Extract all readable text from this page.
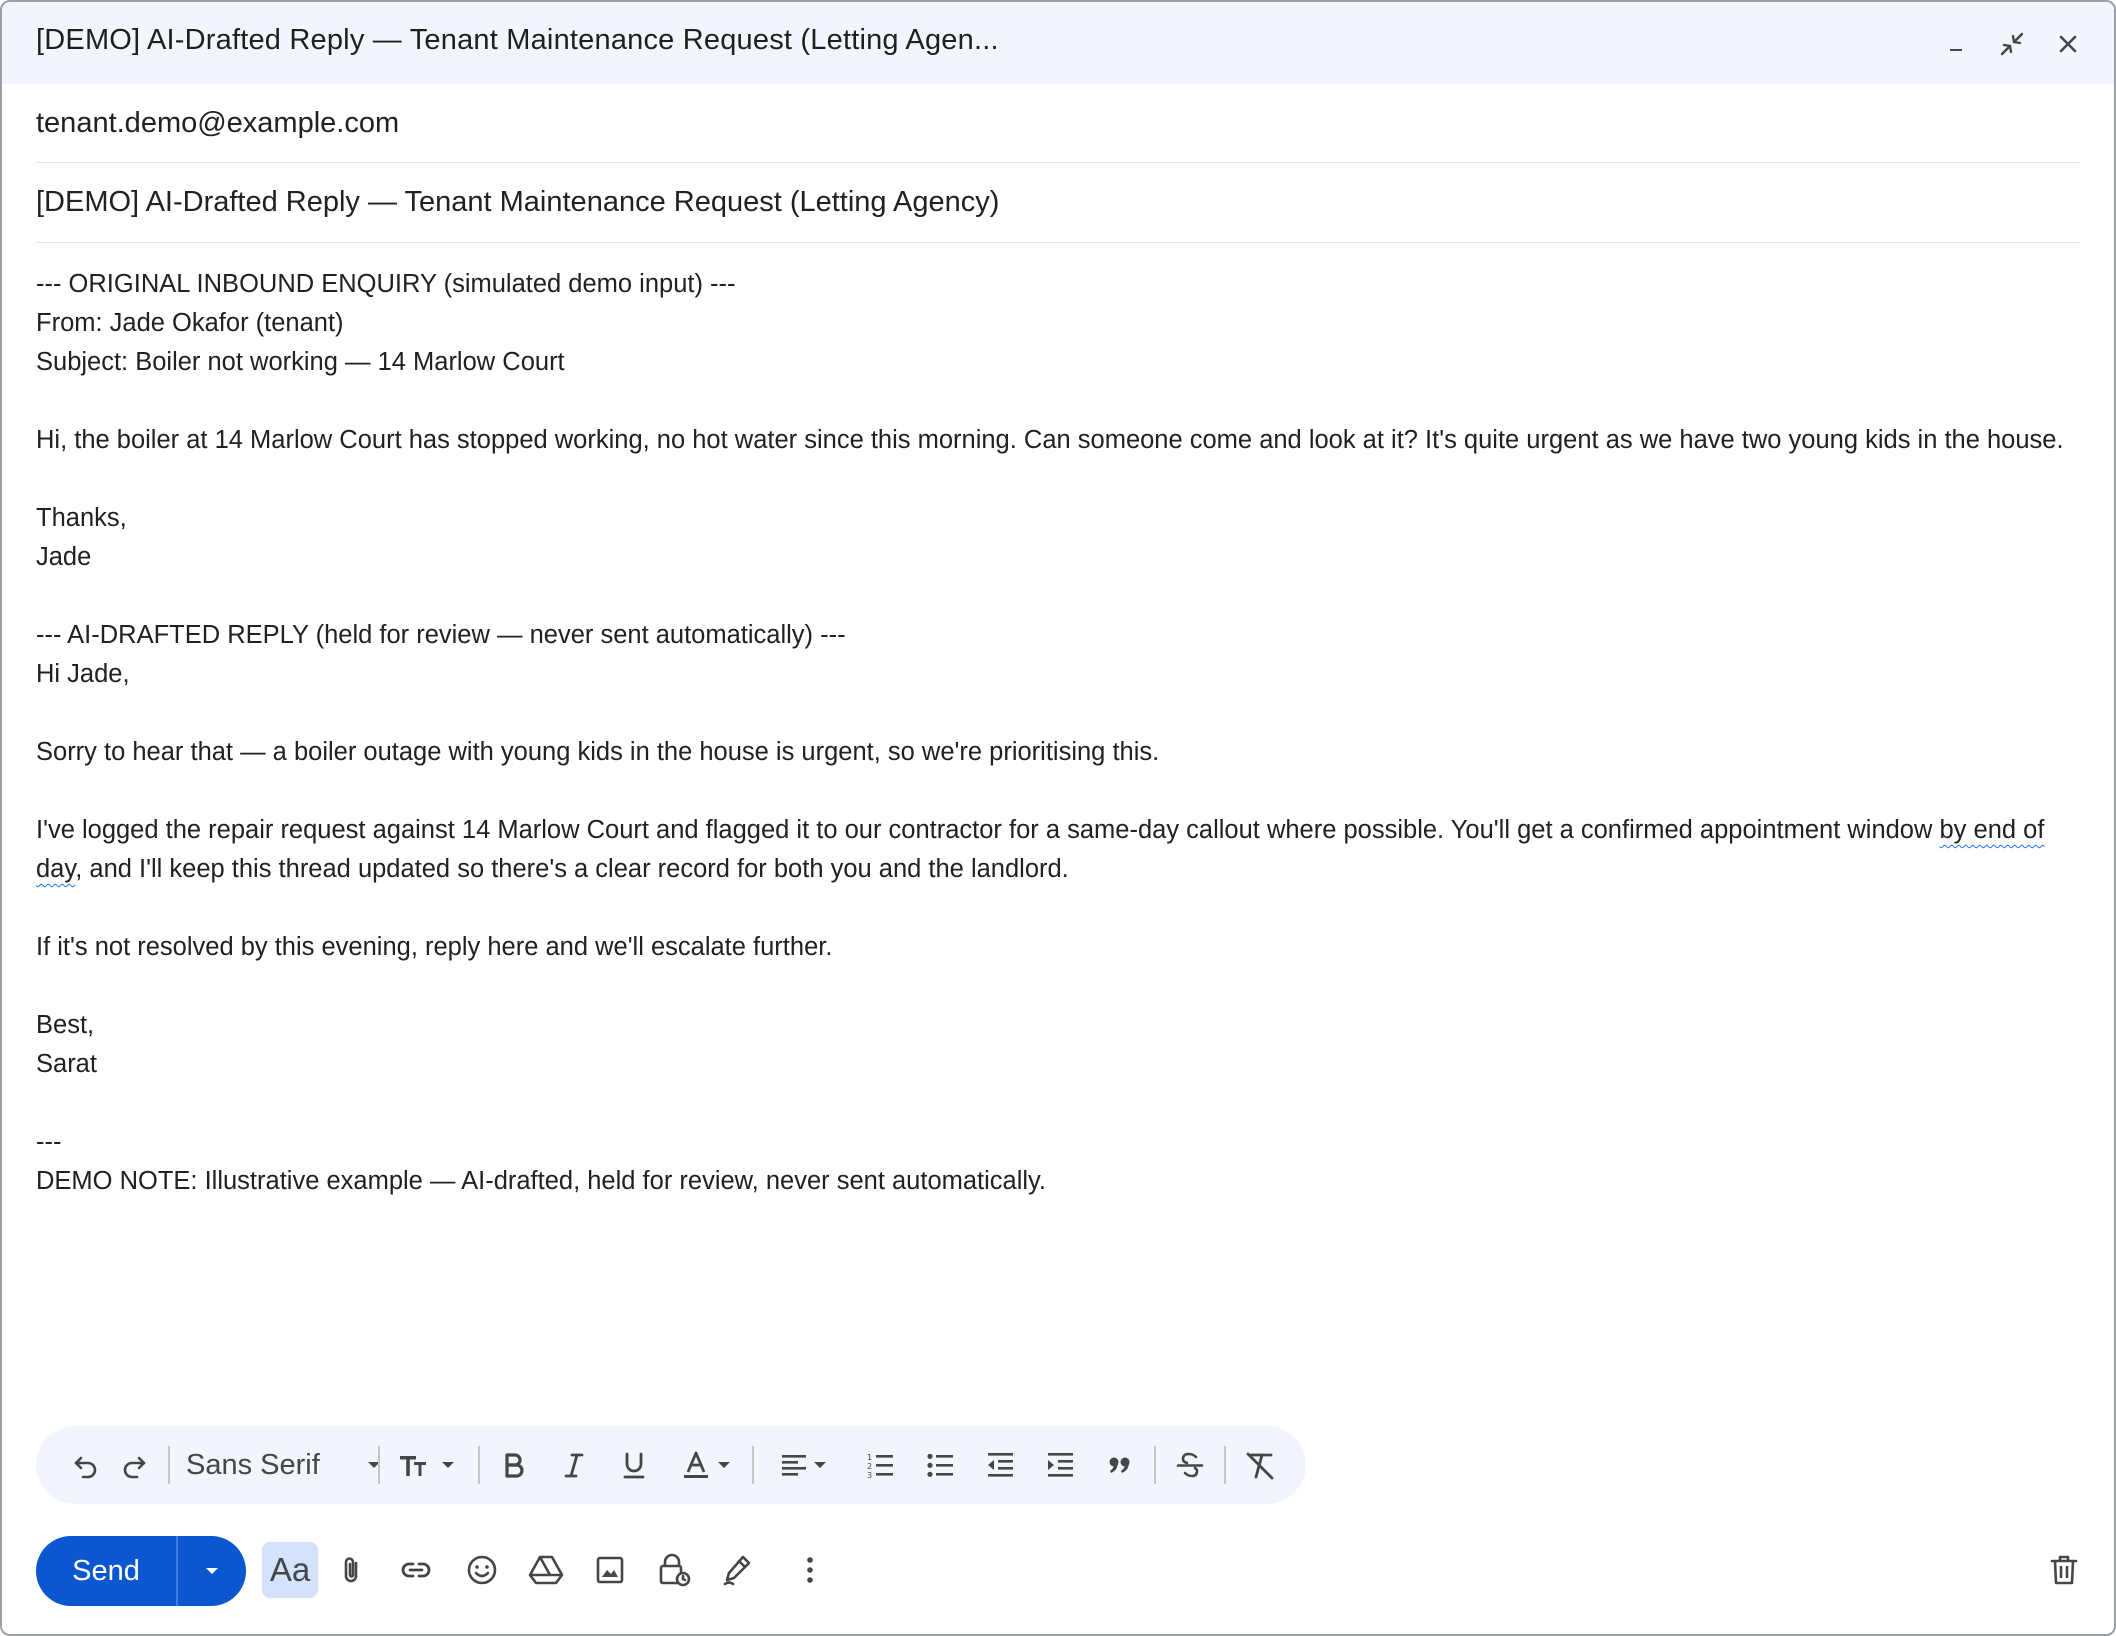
[DEMO] AI-Drafted Reply — Tenant Maintenance Request (Letting Agen...
tenant.demo@example.com
[DEMO] AI-Drafted Reply — Tenant Maintenance Request (Letting Agency)

--- ORIGINAL INBOUND ENQUIRY (simulated demo input) ---

From: Jade Okafor (tenant)

Subject: Boiler not working — 14 Marlow Court

Hi, the boiler at 14 Marlow Court has stopped working, no hot water since this morning. Can someone come and look at it? It's quite urgent as we have two young kids in the house.

Thanks,

Jade

--- AI-DRAFTED REPLY (held for review — never sent automatically) ---

Hi Jade,

Sorry to hear that — a boiler outage with young kids in the house is urgent, so we're prioritising this.

I've logged the repair request against 14 Marlow Court and flagged it to our contractor for a same-day callout where possible. You'll get a confirmed appointment window by end of day, and I'll keep this thread updated so there's a clear record for both you and the landlord.

If it's not resolved by this evening, reply here and we'll escalate further.

Best,

Sarat

---

DEMO NOTE: Illustrative example — AI-drafted, held for review, never sent automatically.

Sans Serif	1
2
3
Send	Aa
